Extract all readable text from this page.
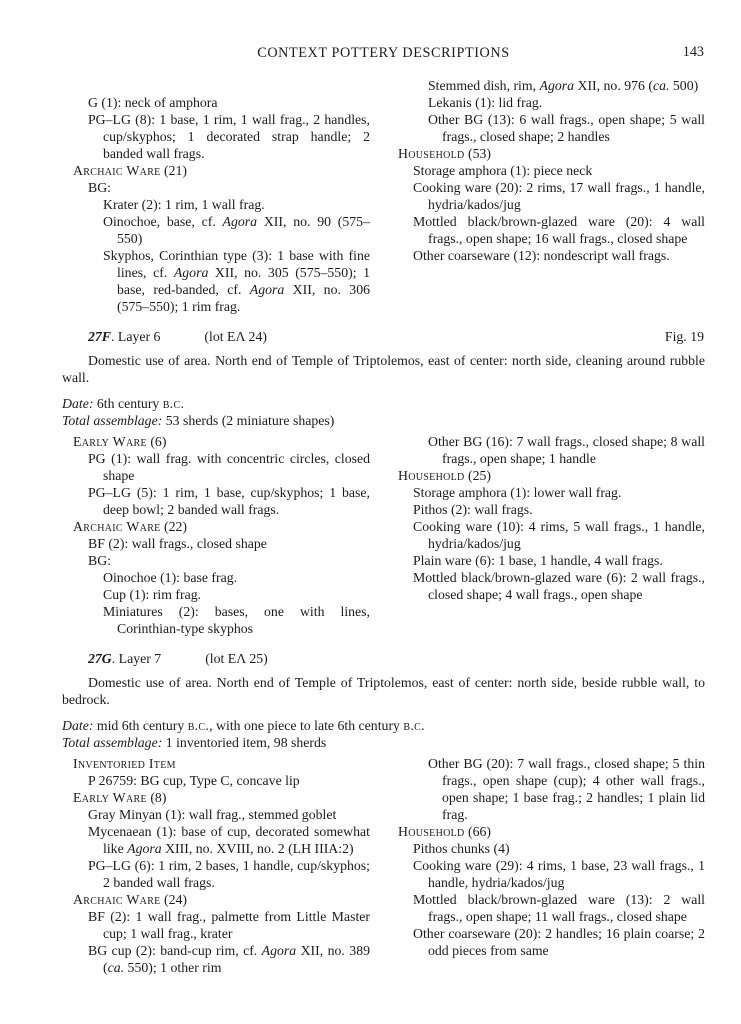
CONTEXT POTTERY DESCRIPTIONS	143

G (1): neck of amphora

PG–LG (8): 1 base, 1 rim, 1 wall frag., 2 handles, cup/skyphos; 1 decorated strap handle; 2 banded wall frags.

Archaic Ware (21)

BG:

Krater (2): 1 rim, 1 wall frag.

Oinochoe, base, cf. Agora XII, no. 90 (575–550)

Skyphos, Corinthian type (3): 1 base with fine lines, cf. Agora XII, no. 305 (575–550); 1 base, red-banded, cf. Agora XII, no. 306 (575–550); 1 rim frag.

Stemmed dish, rim, Agora XII, no. 976 (ca. 500)

Lekanis (1): lid frag.

Other BG (13): 6 wall frags., open shape; 5 wall frags., closed shape; 2 handles

Household (53)

Storage amphora (1): piece neck

Cooking ware (20): 2 rims, 17 wall frags., 1 handle, hydria/kados/jug

Mottled black/brown-glazed ware (20): 4 wall frags., open shape; 16 wall frags., closed shape

Other coarseware (12): nondescript wall frags.

27F. Layer 6	(lot ΕΛ 24)	Fig. 19

Domestic use of area. North end of Temple of Triptolemos, east of center: north side, cleaning around rubble wall.

Date: 6th century b.c.

Total assemblage: 53 sherds (2 miniature shapes)

Early Ware (6)

PG (1): wall frag. with concentric circles, closed shape

PG–LG (5): 1 rim, 1 base, cup/skyphos; 1 base, deep bowl; 2 banded wall frags.

Archaic Ware (22)

BF (2): wall frags., closed shape

BG:

Oinochoe (1): base frag.

Cup (1): rim frag.

Miniatures (2): bases, one with lines, Corinthian-type skyphos

Other BG (16): 7 wall frags., closed shape; 8 wall frags., open shape; 1 handle

Household (25)

Storage amphora (1): lower wall frag.

Pithos (2): wall frags.

Cooking ware (10): 4 rims, 5 wall frags., 1 handle, hydria/kados/jug

Plain ware (6): 1 base, 1 handle, 4 wall frags.

Mottled black/brown-glazed ware (6): 2 wall frags., closed shape; 4 wall frags., open shape

27G. Layer 7	(lot ΕΛ 25)

Domestic use of area. North end of Temple of Triptolemos, east of center: north side, beside rubble wall, to bedrock.

Date: mid 6th century b.c., with one piece to late 6th century b.c.

Total assemblage: 1 inventoried item, 98 sherds

Inventoried Item

P 26759: BG cup, Type C, concave lip

Early Ware (8)

Gray Minyan (1): wall frag., stemmed goblet

Mycenaean (1): base of cup, decorated somewhat like Agora XIII, no. XVIII, no. 2 (LH IIIA:2)

PG–LG (6): 1 rim, 2 bases, 1 handle, cup/skyphos; 2 banded wall frags.

Archaic Ware (24)

BF (2): 1 wall frag., palmette from Little Master cup; 1 wall frag., krater

BG cup (2): band-cup rim, cf. Agora XII, no. 389 (ca. 550); 1 other rim

Other BG (20): 7 wall frags., closed shape; 5 thin frags., open shape (cup); 4 other wall frags., open shape; 1 base frag.; 2 handles; 1 plain lid frag.

Household (66)

Pithos chunks (4)

Cooking ware (29): 4 rims, 1 base, 23 wall frags., 1 handle, hydria/kados/jug

Mottled black/brown-glazed ware (13): 2 wall frags., open shape; 11 wall frags., closed shape

Other coarseware (20): 2 handles; 16 plain coarse; 2 odd pieces from same
